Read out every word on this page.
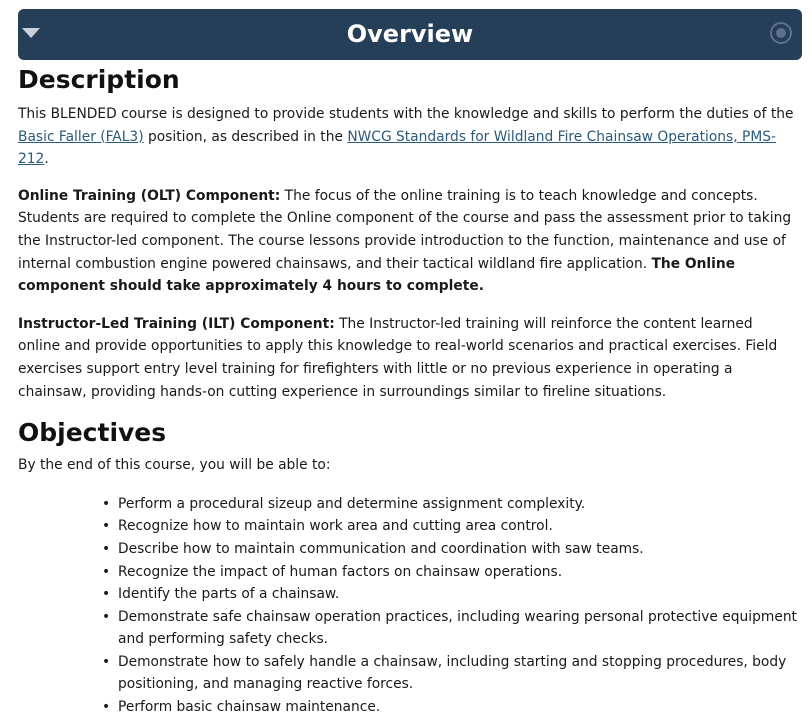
Overview
Description

This BLENDED course is designed to provide students with the knowledge and skills to perform the duties of the Basic Faller (FAL3) position, as described in the NWCG Standards for Wildland Fire Chainsaw Operations, PMS-212.

Online Training (OLT) Component: The focus of the online training is to teach knowledge and concepts. Students are required to complete the Online component of the course and pass the assessment prior to taking the Instructor-led component. The course lessons provide introduction to the function, maintenance and use of internal combustion engine powered chainsaws, and their tactical wildland fire application. The Online component should take approximately 4 hours to complete.

Instructor-Led Training (ILT) Component: The Instructor-led training will reinforce the content learned online and provide opportunities to apply this knowledge to real-world scenarios and practical exercises. Field exercises support entry level training for firefighters with little or no previous experience in operating a chainsaw, providing hands-on cutting experience in surroundings similar to fireline situations.

Objectives

By the end of this course, you will be able to:

• Perform a procedural sizeup and determine assignment complexity.
• Recognize how to maintain work area and cutting area control.
• Describe how to maintain communication and coordination with saw teams.
• Recognize the impact of human factors on chainsaw operations.
• Identify the parts of a chainsaw.
• Demonstrate safe chainsaw operation practices, including wearing personal protective equipment and performing safety checks.
• Demonstrate how to safely handle a chainsaw, including starting and stopping procedures, body positioning, and managing reactive forces.
• Perform basic chainsaw maintenance.
